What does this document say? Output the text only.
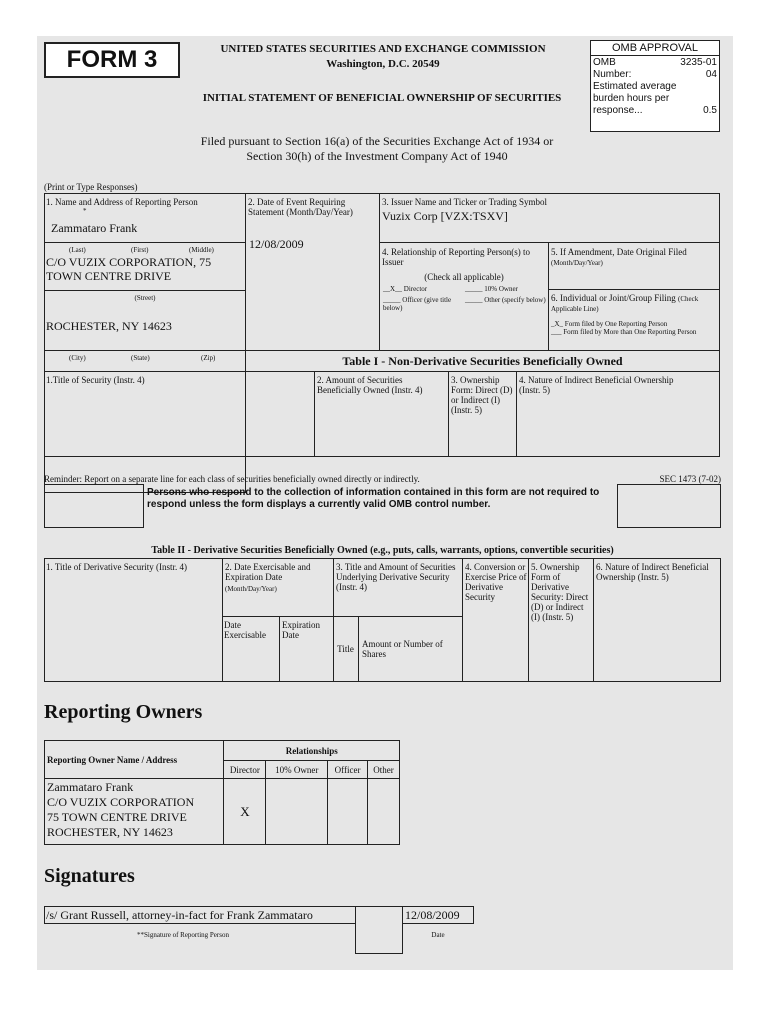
FORM 3	UNITED STATES SECURITIES AND EXCHANGE COMMISSION
Washington, D.C. 20549
INITIAL STATEMENT OF BENEFICIAL OWNERSHIP OF SECURITIES
OMB APPROVAL
OMB Number:
3235-0104
Estimated average burden hours per response...	0.5
Filed pursuant to Section 16(a) of the Securities Exchange Act of 1934 or
Section 30(h) of the Investment Company Act of 1940
(Print or Type Responses)
1. Name and Address of Reporting Person
*
Zammataro Frank
(Last)	(First)	(Middle)
C/O VUZIX CORPORATION, 75 TOWN CENTRE DRIVE
(Street)
ROCHESTER, NY 14623
(City)	(State)	(Zip)
2. Date of Event Requiring Statement (Month/Day/Year)
12/08/2009
3. Issuer Name and Ticker or Trading Symbol
Vuzix Corp [VZX:TSXV]
4. Relationship of Reporting Person(s) to Issuer
(Check all applicable)
__X__ Director	_____ 10% Owner
_____ Officer (give title below)
_____ Other (specify below)
5. If Amendment, Date Original Filed (Month/Day/Year)
6. Individual or Joint/Group Filing (Check Applicable Line)
_X_ Form filed by One Reporting Person
___ Form filed by More than One Reporting Person
Table I - Non-Derivative Securities Beneficially Owned
1.Title of Security (Instr. 4)	2. Amount of Securities Beneficially Owned (Instr. 4)
3. Ownership Form: Direct (D) or Indirect (I) (Instr. 5)
4. Nature of Indirect Beneficial Ownership (Instr. 5)
Reminder: Report on a separate line for each class of securities beneficially owned directly or indirectly.	SEC 1473 (7-02)
Persons who respond to the collection of information contained in this form are not required to respond unless the form displays a currently valid OMB control number.
Table II - Derivative Securities Beneficially Owned (e.g., puts, calls, warrants, options, convertible securities)
1. Title of Derivative Security (Instr. 4)	2. Date Exercisable and Expiration Date
(Month/Day/Year)
Date Exercisable
Expiration Date
3. Title and Amount of Securities Underlying Derivative Security (Instr. 4)
Title Amount or Number of Shares
4. Conversion or Exercise Price of Derivative Security
5. Ownership Form of Derivative Security: Direct (D) or Indirect (I) (Instr. 5)
6. Nature of Indirect Beneficial Ownership (Instr. 5)
Reporting Owners
Reporting Owner Name / Address	Relationships			
	Director	10% Owner	Officer	Other

Zammataro Frank
C/O VUZIX CORPORATION
75 TOWN CENTRE DRIVE
ROCHESTER, NY 14623	X			
Signatures
/s/ Grant Russell, attorney-in-fact for Frank Zammataro
**Signature of Reporting Person
12/08/2009
Date
